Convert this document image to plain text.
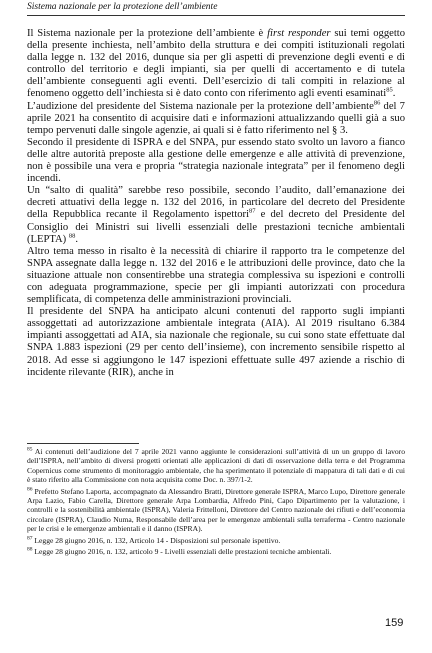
Sistema nazionale per la protezione dell’ambiente

Il Sistema nazionale per la protezione dell’ambiente è first responder sui temi oggetto della presente inchiesta, nell’ambito della struttura e dei compiti istituzionali regolati dalla legge n. 132 del 2016, dunque sia per gli aspetti di prevenzione degli eventi e di controllo del territorio e degli impianti, sia per quelli di accertamento e di tutela dell’ambiente conseguenti agli eventi. Dell’esercizio di tali compiti in relazione al fenomeno oggetto dell’inchiesta si è dato conto con riferimento agli eventi esaminati$^{85}$.

L’audizione del presidente del Sistema nazionale per la protezione dell’ambiente$^{86}$ del 7 aprile 2021 ha consentito di acquisire dati e informazioni attualizzando quelli già a suo tempo pervenuti dalle singole agenzie, ai quali si è fatto riferimento nel § 3.

Secondo il presidente di ISPRA e del SNPA, pur essendo stato svolto un lavoro a fianco delle altre autorità preposte alla gestione delle emergenze e alle attività di prevenzione, non è possibile una vera e propria “strategia nazionale integrata” per il fenomeno degli incendi.

Un “salto di qualità” sarebbe reso possibile, secondo l’audito, dall’emanazione dei decreti attuativi della legge n. 132 del 2016, in particolare del decreto del Presidente della Repubblica recante il Regolamento ispettori$^{87}$ e del decreto del Presidente del Consiglio dei Ministri sui livelli essenziali delle prestazioni tecniche ambientali (LEPTA) $^{88}$.

Altro tema messo in risalto è la necessità di chiarire il rapporto tra le competenze del SNPA assegnate dalla legge n. 132 del 2016 e le attribuzioni delle province, dato che la situazione attuale non consentirebbe una strategia complessiva su ispezioni e controlli con adeguata programmazione, specie per gli impianti autorizzati con procedura semplificata, di competenza delle amministrazioni provinciali.

Il presidente del SNPA ha anticipato alcuni contenuti del rapporto sugli impianti assoggettati ad autorizzazione ambientale integrata (AIA). Al 2019 risultano 6.384 impianti assoggettati ad AIA, sia nazionale che regionale, su cui sono state effettuate dal SNPA 1.883 ispezioni (29 per cento dell’insieme), con incremento sensibile rispetto al 2018. Ad esse si aggiungono le 147 ispezioni effettuate sulle 497 aziende a rischio di incidente rilevante (RIR), anche in

$^{85}$ Ai contenuti dell’audizione del 7 aprile 2021 vanno aggiunte le considerazioni sull’attività di un un gruppo di lavoro dell’ISPRA, nell’ambito di diversi progetti orientati alle applicazioni di dati di osservazione della terra e del Programma Copernicus come strumento di monitoraggio ambientale, che ha sperimentato il potenziale di mappatura di tali dati e di cui è stato riferito alla Commissione con nota acquisita come Doc. n. 397/1-2.

$^{86}$ Prefetto Stefano Laporta, accompagnato da Alessandro Bratti, Direttore generale ISPRA, Marco Lupo, Direttore generale Arpa Lazio, Fabio Carella, Direttore generale Arpa Lombardia, Alfredo Pini, Capo Dipartimento per la valutazione, i controlli e la sostenibilità ambientale (ISPRA), Valeria Frittelloni, Direttore del Centro nazionale dei rifiuti e dell’economia circolare (ISPRA), Claudio Numa, Responsabile dell’area per le emergenze ambientali sulla terraferma - Centro nazionale per le crisi e le emergenze ambientali e il danno (ISPRA).

$^{87}$ Legge 28 giugno 2016, n. 132, Articolo 14 - Disposizioni sul personale ispettivo.

$^{88}$ Legge 28 giugno 2016, n. 132, articolo 9 - Livelli essenziali delle prestazioni tecniche ambientali.

159
